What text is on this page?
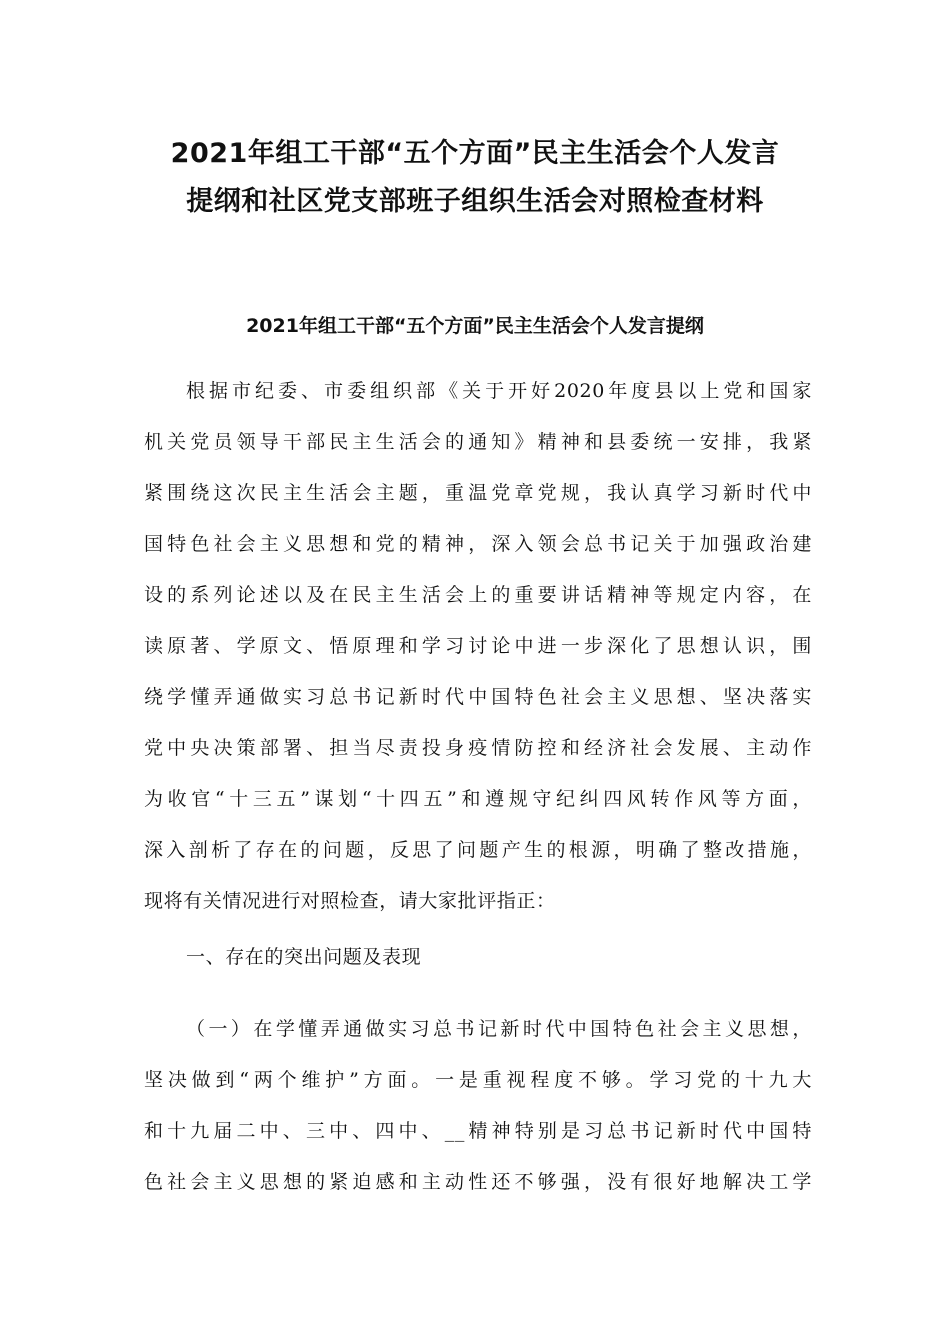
2021年组工干部“五个方面”民主生活会个人发言
提纲和社区党支部班子组织生活会对照检查材料
2021年组工干部“五个方面”民主生活会个人发言提纲
根据市纪委、市委组织部《关于开好2020年度县以上党和国家
机关党员领导干部民主生活会的通知》精神和县委统一安排，我紧
紧围绕这次民主生活会主题，重温党章党规，我认真学习新时代中
国特色社会主义思想和党的精神，深入领会总书记关于加强政治建
设的系列论述以及在民主生活会上的重要讲话精神等规定内容，在
读原著、学原文、悟原理和学习讨论中进一步深化了思想认识，围
绕学懂弄通做实习总书记新时代中国特色社会主义思想、坚决落实
党中央决策部署、担当尽责投身疫情防控和经济社会发展、主动作
为收官“十三五”谋划“十四五”和遵规守纪纠四风转作风等方面，
深入剖析了存在的问题，反思了问题产生的根源，明确了整改措施，
现将有关情况进行对照检查，请大家批评指正：
一、存在的突出问题及表现
（一）在学懂弄通做实习总书记新时代中国特色社会主义思想，
坚决做到“两个维护”方面。一是重视程度不够。学习党的十九大
和十九届二中、三中、四中、__精神特别是习总书记新时代中国特
色社会主义思想的紧迫感和主动性还不够强，没有很好地解决工学
